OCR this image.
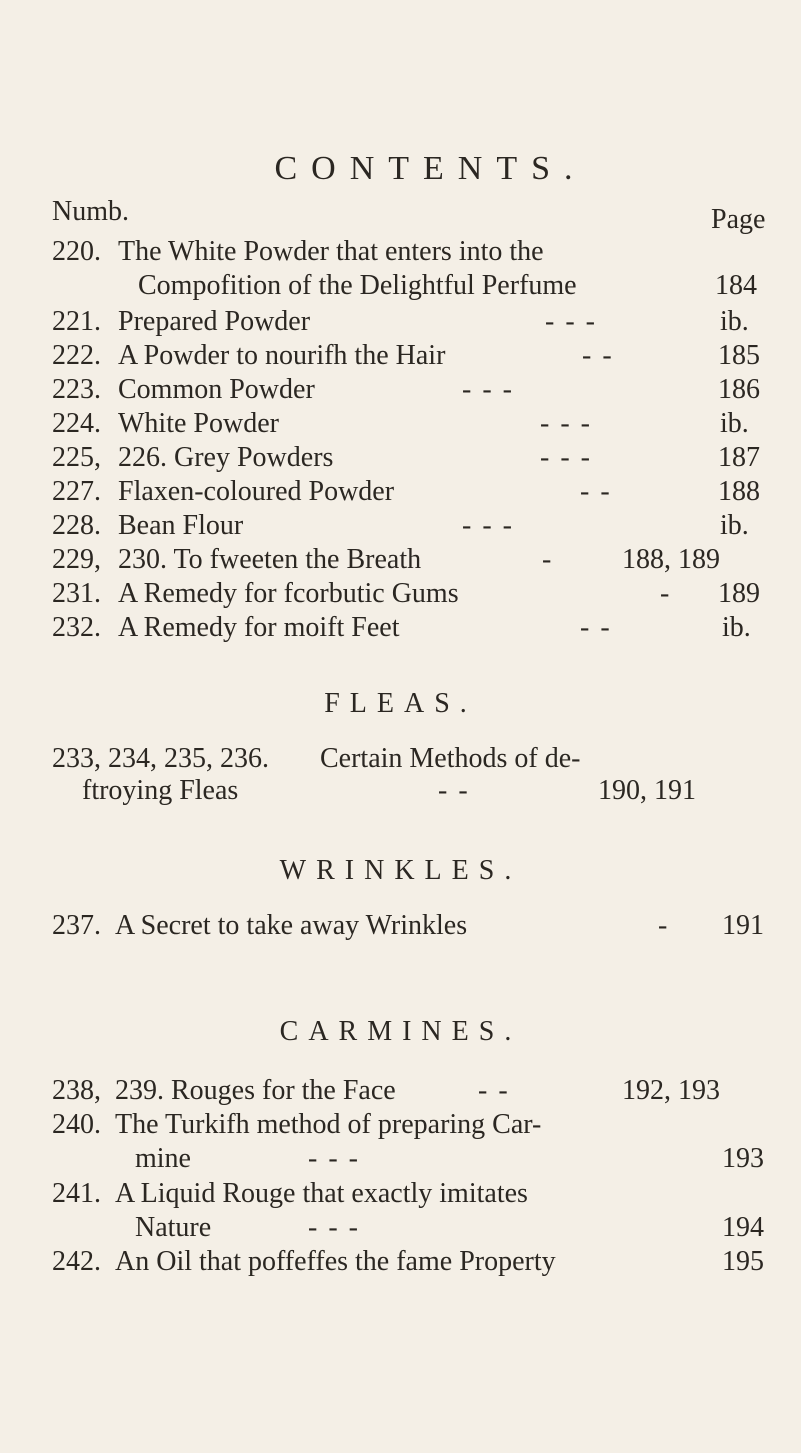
CONTENTS.
Numb.	Page
220. The White Powder that enters into the
Compofition of the Delightful Perfume	184
221. Prepared Powder	- - -	ib.
222. A Powder to nourifh the Hair	- -	185
223. Common Powder	- - -	186
224. White Powder	- - -	ib.
225, 226. Grey Powders	- - -	187
227. Flaxen-coloured Powder	- -	188
228. Bean Flour	- - -	ib.
229, 230. To fweeten the Breath	- 188, 189
231. A Remedy for fcorbutic Gums	- 189
232. A Remedy for moift Feet	- -	ib.
FLEAS.
233, 234, 235, 236. Certain Methods of de-
ftroying Fleas	- -	190, 191
WRINKLES.
237. A Secret to take away Wrinkles	- 191
CARMINES.
238, 239. Rouges for the Face	- -	192, 193
240. The Turkifh method of preparing Car-
mine	- - -	193
241. A Liquid Rouge that exactly imitates
Nature	- - -	194
242. An Oil that poffeffes the fame Property	195
